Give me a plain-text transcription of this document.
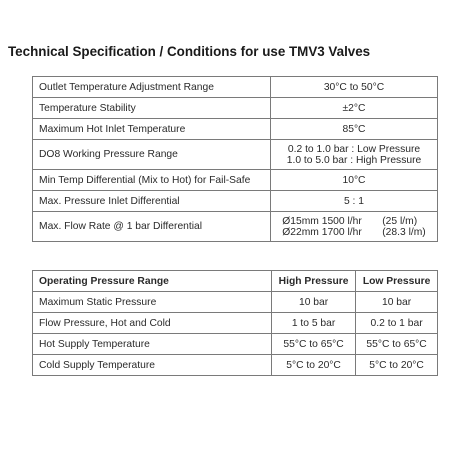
Technical Specification / Conditions for use TMV3 Valves
Outlet Temperature Adjustment Range	30°C to 50°C
Temperature Stability	±2°C
Maximum Hot Inlet Temperature	85°C
DO8 Working Pressure Range	0.2 to 1.0 bar : Low Pressure
1.0 to 5.0 bar : High Pressure

Min Temp Differential (Mix to Hot) for Fail-Safe	10°C
Max. Pressure Inlet Differential	5 : 1
Max. Flow Rate @ 1 bar Differential	Ø15mm 1500 l/hr (25 l/m)
Ø22mm 1700 l/hr (28.3 l/m)
Operating Pressure Range	High Pressure	Low Pressure
Maximum Static Pressure	10 bar	10 bar
Flow Pressure, Hot and Cold	1 to 5 bar	0.2 to 1 bar
Hot Supply Temperature	55°C to 65°C	55°C to 65°C
Cold Supply Temperature	5°C to 20°C	5°C to 20°C
